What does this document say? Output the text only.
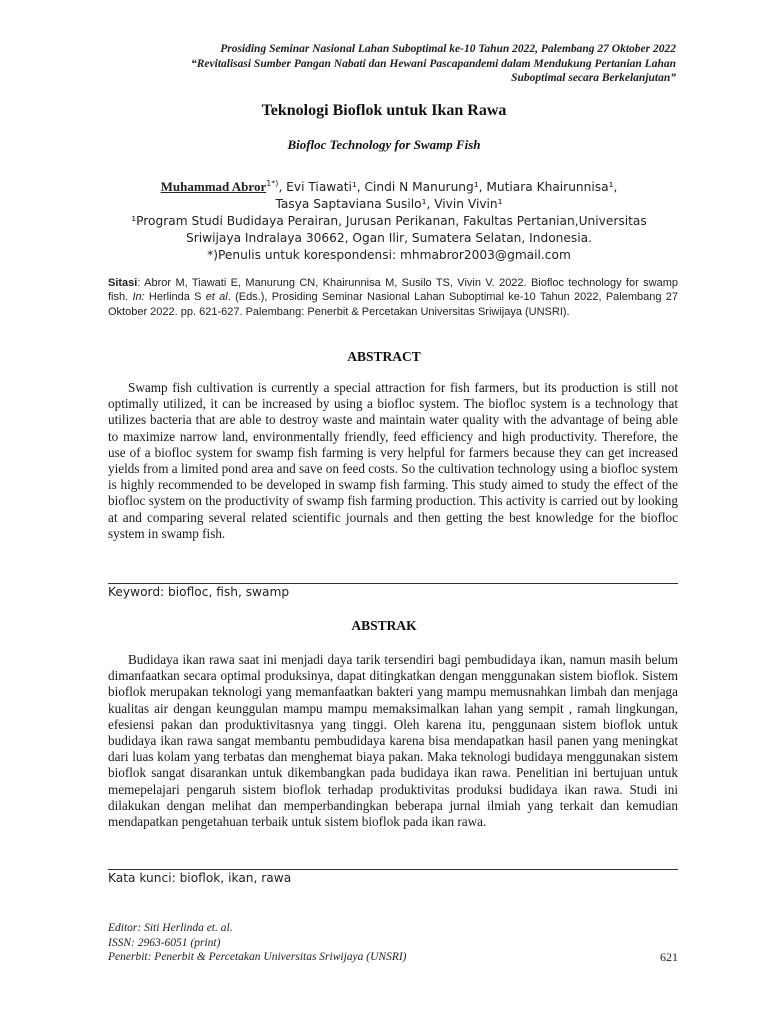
Prosiding Seminar Nasional Lahan Suboptimal ke-10 Tahun 2022, Palembang 27 Oktober 2022
“Revitalisasi Sumber Pangan Nabati dan Hewani Pascapandemi dalam Mendukung Pertanian Lahan
Suboptimal secara Berkelanjutan”
Teknologi Bioflok untuk Ikan Rawa
Biofloc Technology for Swamp Fish
Muhammad Abror$^{1*)}$, Evi Tiawati¹, Cindi N Manurung¹, Mutiara Khairunnisa¹,
Tasya Saptaviana Susilo¹, Vivin Vivin¹
¹Program Studi Budidaya Perairan, Jurusan Perikanan, Fakultas Pertanian,Universitas
Sriwijaya Indralaya 30662, Ogan Ilir, Sumatera Selatan, Indonesia.
*)Penulis untuk korespondensi: mhmabror2003@gmail.com
Sitasi: Abror M, Tiawati E, Manurung CN, Khairunnisa M, Susilo TS, Vivin V. 2022. Biofloc technology for swamp fish. In: Herlinda S et al. (Eds.), Prosiding Seminar Nasional Lahan Suboptimal ke-10 Tahun 2022, Palembang 27 Oktober 2022. pp. 621-627. Palembang: Penerbit & Percetakan Universitas Sriwijaya (UNSRI).
ABSTRACT
Swamp fish cultivation is currently a special attraction for fish farmers, but its production is still not optimally utilized, it can be increased by using a biofloc system. The biofloc system is a technology that utilizes bacteria that are able to destroy waste and maintain water quality with the advantage of being able to maximize narrow land, environmentally friendly, feed efficiency and high productivity. Therefore, the use of a biofloc system for swamp fish farming is very helpful for farmers because they can get increased yields from a limited pond area and save on feed costs. So the cultivation technology using a biofloc system is highly recommended to be developed in swamp fish farming. This study aimed to study the effect of the biofloc system on the productivity of swamp fish farming production. This activity is carried out by looking at and comparing several related scientific journals and then getting the best knowledge for the biofloc system in swamp fish.
Keyword: biofloc, fish, swamp
ABSTRAK
Budidaya ikan rawa saat ini menjadi daya tarik tersendiri bagi pembudidaya ikan, namun masih belum dimanfaatkan secara optimal produksinya, dapat ditingkatkan dengan menggunakan sistem bioflok. Sistem bioflok merupakan teknologi yang memanfaatkan bakteri yang mampu memusnahkan limbah dan menjaga kualitas air dengan keunggulan mampu mampu memaksimalkan lahan yang sempit , ramah lingkungan, efesiensi pakan dan produktivitasnya yang tinggi. Oleh karena itu, penggunaan sistem bioflok untuk budidaya ikan rawa sangat membantu pembudidaya karena bisa mendapatkan hasil panen yang meningkat dari luas kolam yang terbatas dan menghemat biaya pakan. Maka teknologi budidaya menggunakan sistem bioflok sangat disarankan untuk dikembangkan pada budidaya ikan rawa. Penelitian ini bertujuan untuk memepelajari pengaruh sistem bioflok terhadap produktivitas produksi budidaya ikan rawa. Studi ini dilakukan dengan melihat dan memperbandingkan beberapa jurnal ilmiah yang terkait dan kemudian mendapatkan pengetahuan terbaik untuk sistem bioflok pada ikan rawa.
Kata kunci: bioflok, ikan, rawa
Editor: Siti Herlinda et. al.
ISSN: 2963-6051 (print)
Penerbit: Penerbit & Percetakan Universitas Sriwijaya (UNSRI)	621
